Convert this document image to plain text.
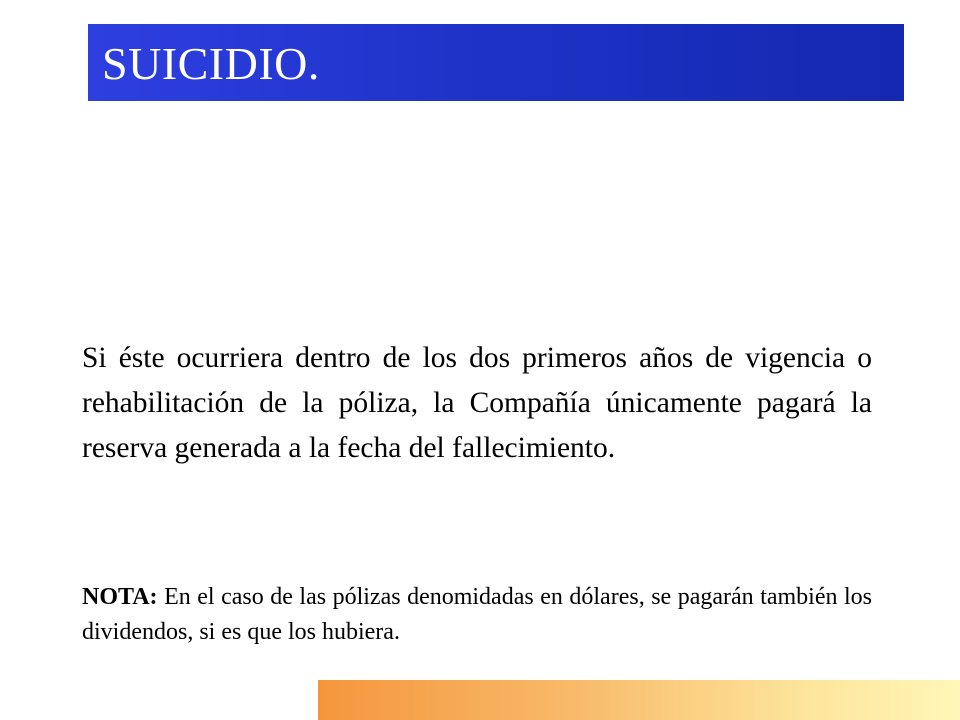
SUICIDIO.

Si éste ocurriera dentro de los dos primeros años de vigencia o rehabilitación de la póliza, la Compañía únicamente pagará la reserva generada a la fecha del fallecimiento.

NOTA: En el caso de las pólizas denomidadas en dólares, se pagarán también los dividendos, si es que los hubiera.
